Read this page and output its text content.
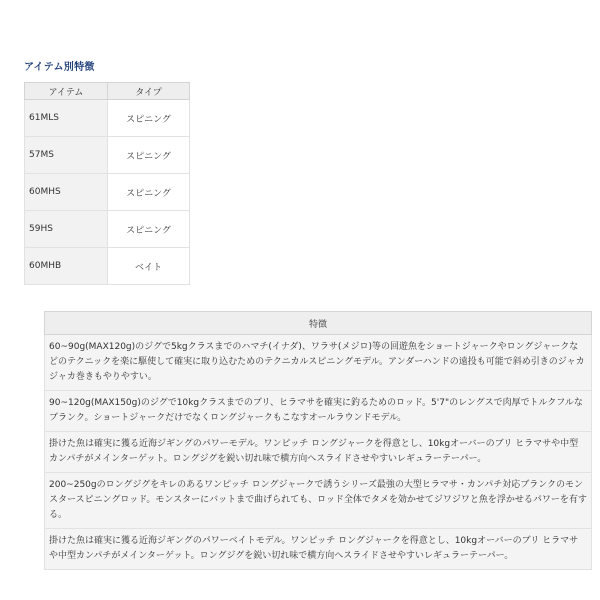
アイテム別特徴
アイテム	タイプ
61MLS	スピニング
57MS	スピニング
60MHS	スピニング
59HS	スピニング
60MHB	ベイト
特徴
60~90g(MAX120g)のジグで5kgクラスまでのハマチ(イナダ)、ワラサ(メジロ)等の回遊魚をショートジャークやロングジャークなどのテクニックを楽に駆使して確実に取り込むためのテクニカルスピニングモデル。アンダーハンドの遠投も可能で斜め引きのジャカジャカ巻きもやりやすい。
90~120g(MAX150g)のジグで10kgクラスまでのブリ、ヒラマサを確実に釣るためのロッド。5'7"のレングスで肉厚でトルクフルなブランク。ショートジャークだけでなくロングジャークもこなすオールラウンドモデル。
掛けた魚は確実に獲る近海ジギングのパワーモデル。ワンピッチ ロングジャークを得意とし、10kgオーバーのブリ ヒラマサや中型カンパチがメインターゲット。ロングジグを鋭い切れ味で横方向へスライドさせやすいレギュラーテーパー。
200~250gのロングジグをキレのあるワンピッチ ロングジャークで誘うシリーズ最強の大型ヒラマサ・カンパチ対応ブランクのモンスタースピニングロッド。モンスターにバットまで曲げられても、ロッド全体でタメを効かせてジワジワと魚を浮かせるパワーを有する。
掛けた魚は確実に獲る近海ジギングのパワーベイトモデル。ワンピッチ ロングジャークを得意とし、10kgオーバーのブリ ヒラマサや中型カンパチがメインターゲット。ロングジグを鋭い切れ味で横方向へスライドさせやすいレギュラーテーパー。
